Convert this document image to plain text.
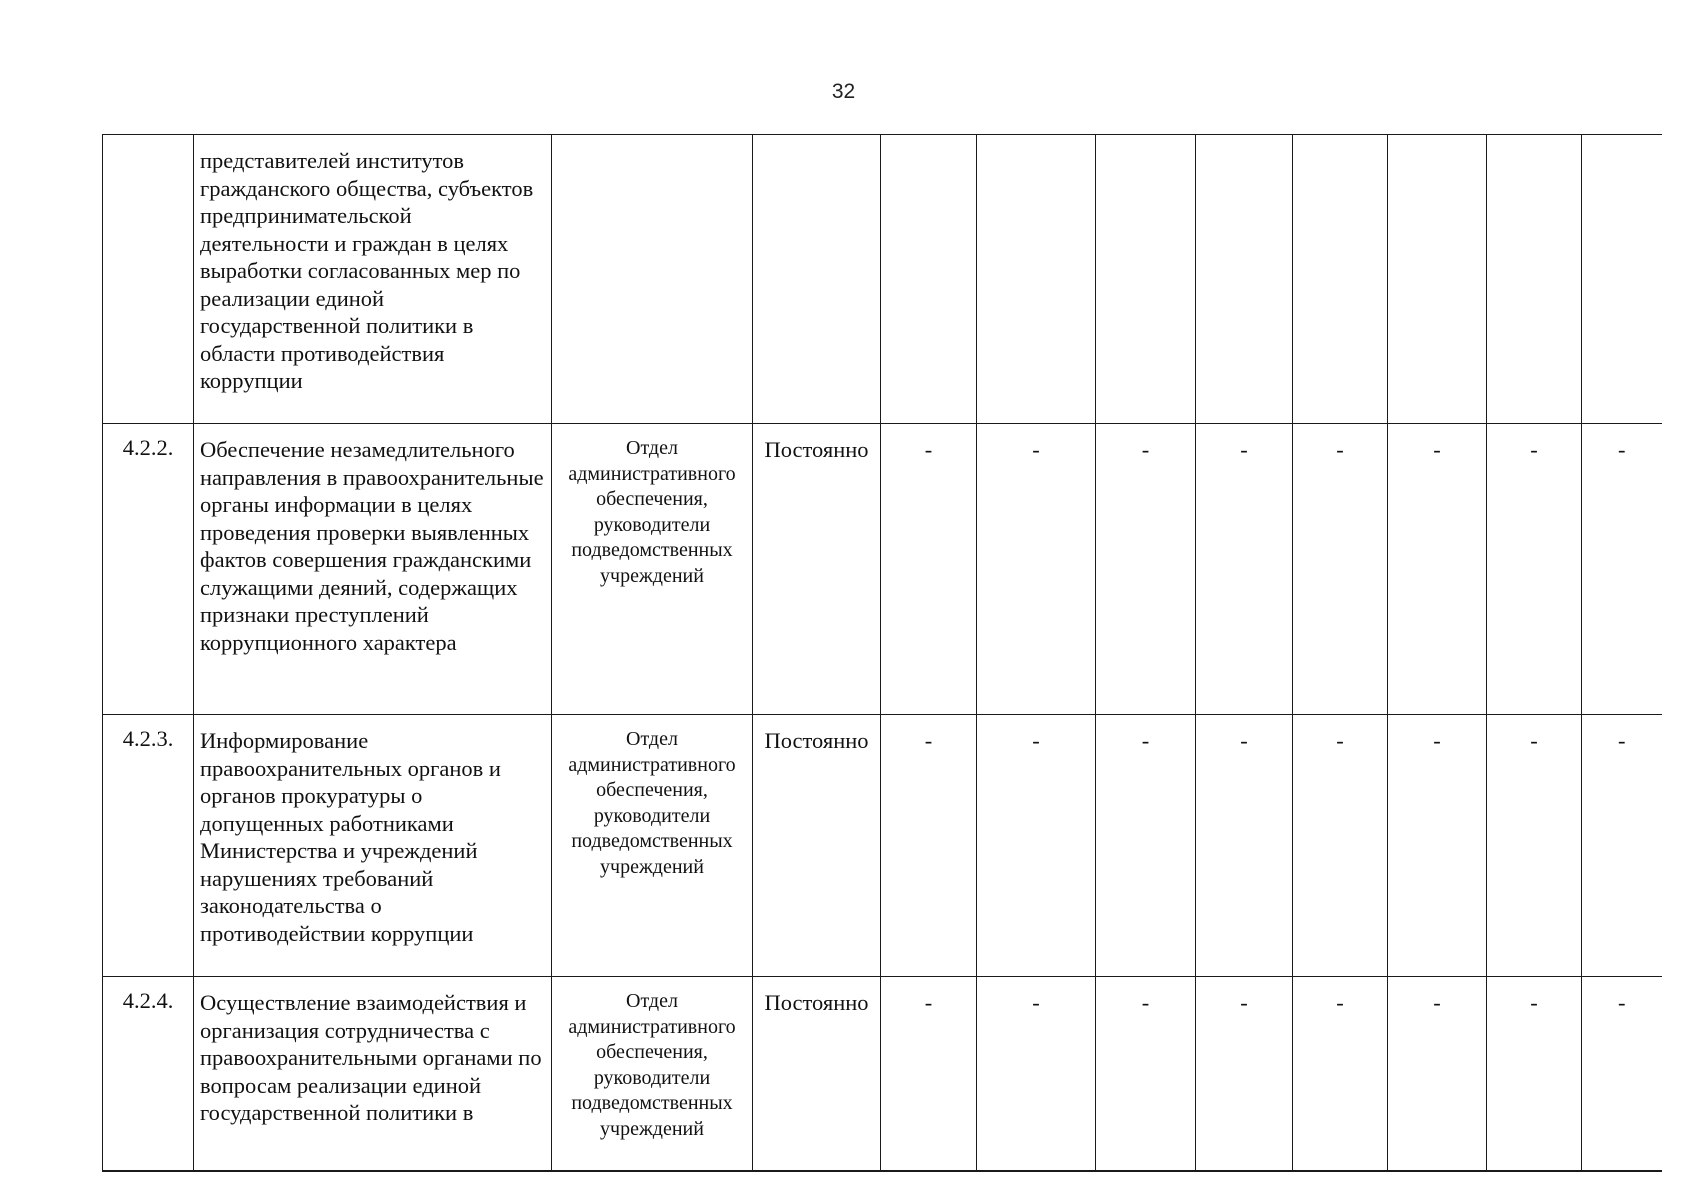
32
	представителей институтов гражданского общества, субъектов предпринимательской деятельности и граждан в целях выработки согласованных мер по реализации единой государственной политики в области противодействия коррупции										
4.2.2.	Обеспечение незамедлительного направления в правоохранительные органы информации в целях проведения проверки выявленных фактов совершения гражданскими служащими деяний, содержащих признаки преступлений коррупционного характера	Отдел административного обеспечения, руководители подведомственных учреждений	Постоянно	-	-	-	-	-	-	-	-
4.2.3.	Информирование правоохранительных органов и органов прокуратуры о допущенных работниками Министерства и учреждений нарушениях требований законодательства о противодействии коррупции	Отдел административного обеспечения, руководители подведомственных учреждений	Постоянно	-	-	-	-	-	-	-	-
4.2.4.	Осуществление взаимодействия и организация сотрудничества с правоохранительными органами по вопросам реализации единой государственной политики в	Отдел административного обеспечения, руководители подведомственных учреждений	Постоянно	-	-	-	-	-	-	-	-
